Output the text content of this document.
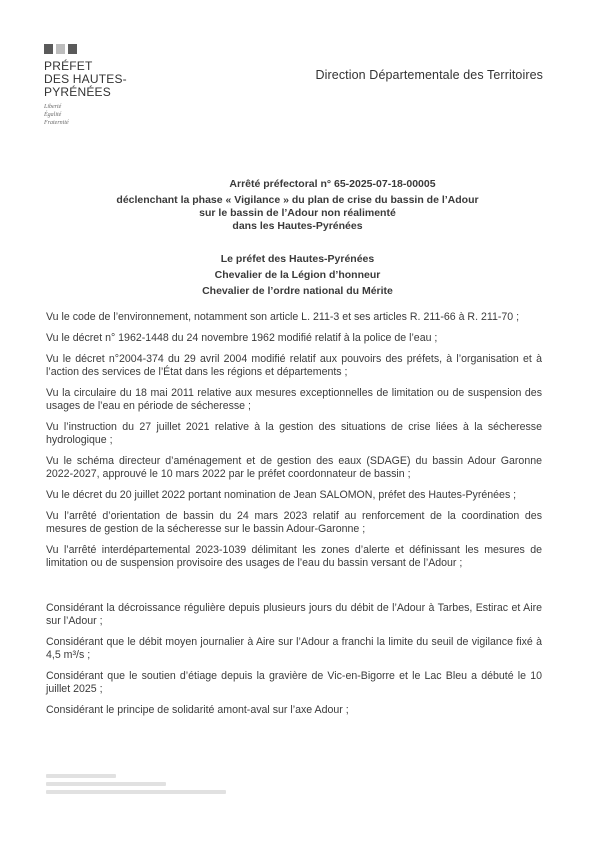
PRÉFET
DES HAUTES-
PYRÉNÉES
Liberté
Égalité
Fraternité
Direction Départementale des Territoires
Arrêté préfectoral n° 65-2025-07-18-00005
déclenchant la phase « Vigilance » du plan de crise du bassin de l’Adour
sur le bassin de l’Adour non réalimenté
dans les Hautes-Pyrénées
Le préfet des Hautes-Pyrénées
Chevalier de la Légion d’honneur
Chevalier de l’ordre national du Mérite

Vu le code de l’environnement, notamment son article L. 211-3 et ses articles R. 211-66 à R. 211-70 ;

Vu le décret n° 1962-1448 du 24 novembre 1962 modifié relatif à la police de l’eau ;

Vu le décret n°2004-374 du 29 avril 2004 modifié relatif aux pouvoirs des préfets, à l’organisation et à l’action des services de l’État dans les régions et départements ;

Vu la circulaire du 18 mai 2011 relative aux mesures exceptionnelles de limitation ou de suspension des usages de l’eau en période de sécheresse ;

Vu l’instruction du 27 juillet 2021 relative à la gestion des situations de crise liées à la sécheresse hydrologique ;

Vu le schéma directeur d’aménagement et de gestion des eaux (SDAGE) du bassin Adour Garonne 2022-2027, approuvé le 10 mars 2022 par le préfet coordonnateur de bassin ;

Vu le décret du 20 juillet 2022 portant nomination de Jean SALOMON, préfet des Hautes-Pyrénées ;

Vu l’arrêté d’orientation de bassin du 24 mars 2023 relatif au renforcement de la coordination des mesures de gestion de la sécheresse sur le bassin Adour-Garonne ;

Vu l’arrêté interdépartemental 2023-1039 délimitant les zones d’alerte et définissant les mesures de limitation ou de suspension provisoire des usages de l’eau du bassin versant de l’Adour ;

Considérant la décroissance régulière depuis plusieurs jours du débit de l’Adour à Tarbes, Estirac et Aire sur l’Adour ;

Considérant que le débit moyen journalier à Aire sur l’Adour a franchi la limite du seuil de vigilance fixé à 4,5 m³/s ;

Considérant que le soutien d’étiage depuis la gravière de Vic-en-Bigorre et le Lac Bleu a débuté le 10 juillet 2025 ;

Considérant le principe de solidarité amont-aval sur l’axe Adour ;
